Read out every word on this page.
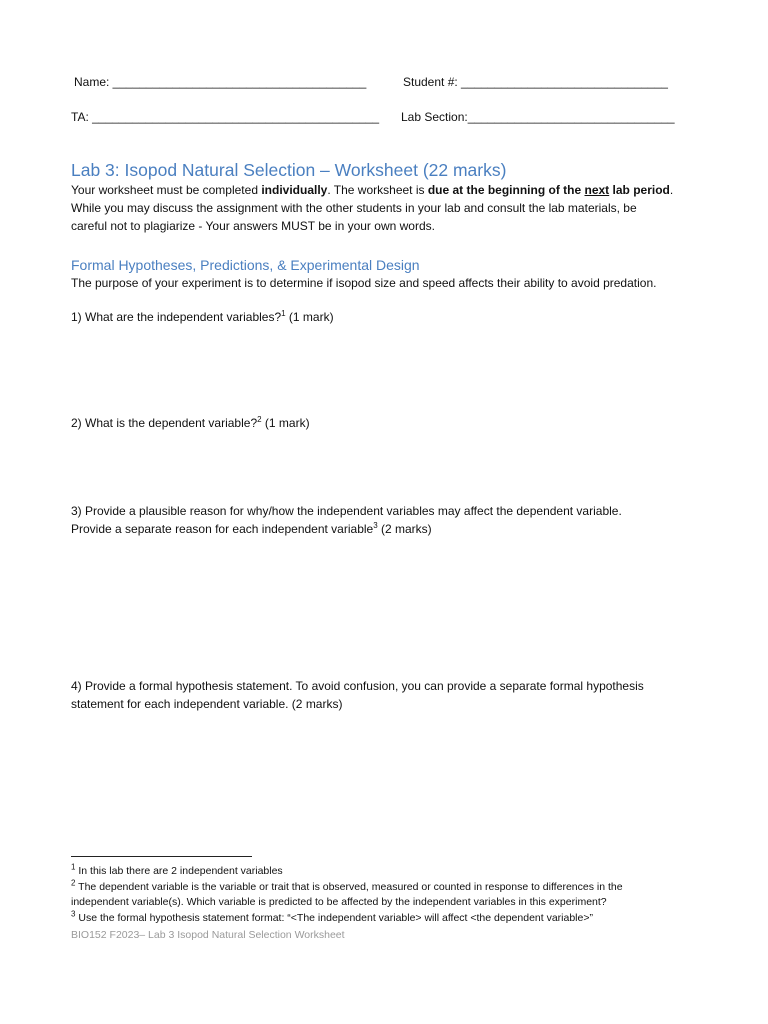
Name: ______________________________________	Student #: _______________________________
TA: ___________________________________________ Lab Section:_______________________________
Lab 3: Isopod Natural Selection – Worksheet (22 marks)
Your worksheet must be completed individually. The worksheet is due at the beginning of the next lab period.
While you may discuss the assignment with the other students in your lab and consult the lab materials, be
careful not to plagiarize - Your answers MUST be in your own words.
Formal Hypotheses, Predictions, & Experimental Design
The purpose of your experiment is to determine if isopod size and speed affects their ability to avoid predation.
1) What are the independent variables?$^1$ (1 mark)
2) What is the dependent variable?$^2$ (1 mark)
3) Provide a plausible reason for why/how the independent variables may affect the dependent variable.
Provide a separate reason for each independent variable$^3$ (2 marks)
4) Provide a formal hypothesis statement. To avoid confusion, you can provide a separate formal hypothesis
statement for each independent variable. (2 marks)
$^1$ In this lab there are 2 independent variables
$^2$ The dependent variable is the variable or trait that is observed, measured or counted in response to differences in the
independent variable(s). Which variable is predicted to be affected by the independent variables in this experiment?
$^3$ Use the formal hypothesis statement format: “<The independent variable> will affect <the dependent variable>”
BIO152 F2023– Lab 3 Isopod Natural Selection Worksheet
